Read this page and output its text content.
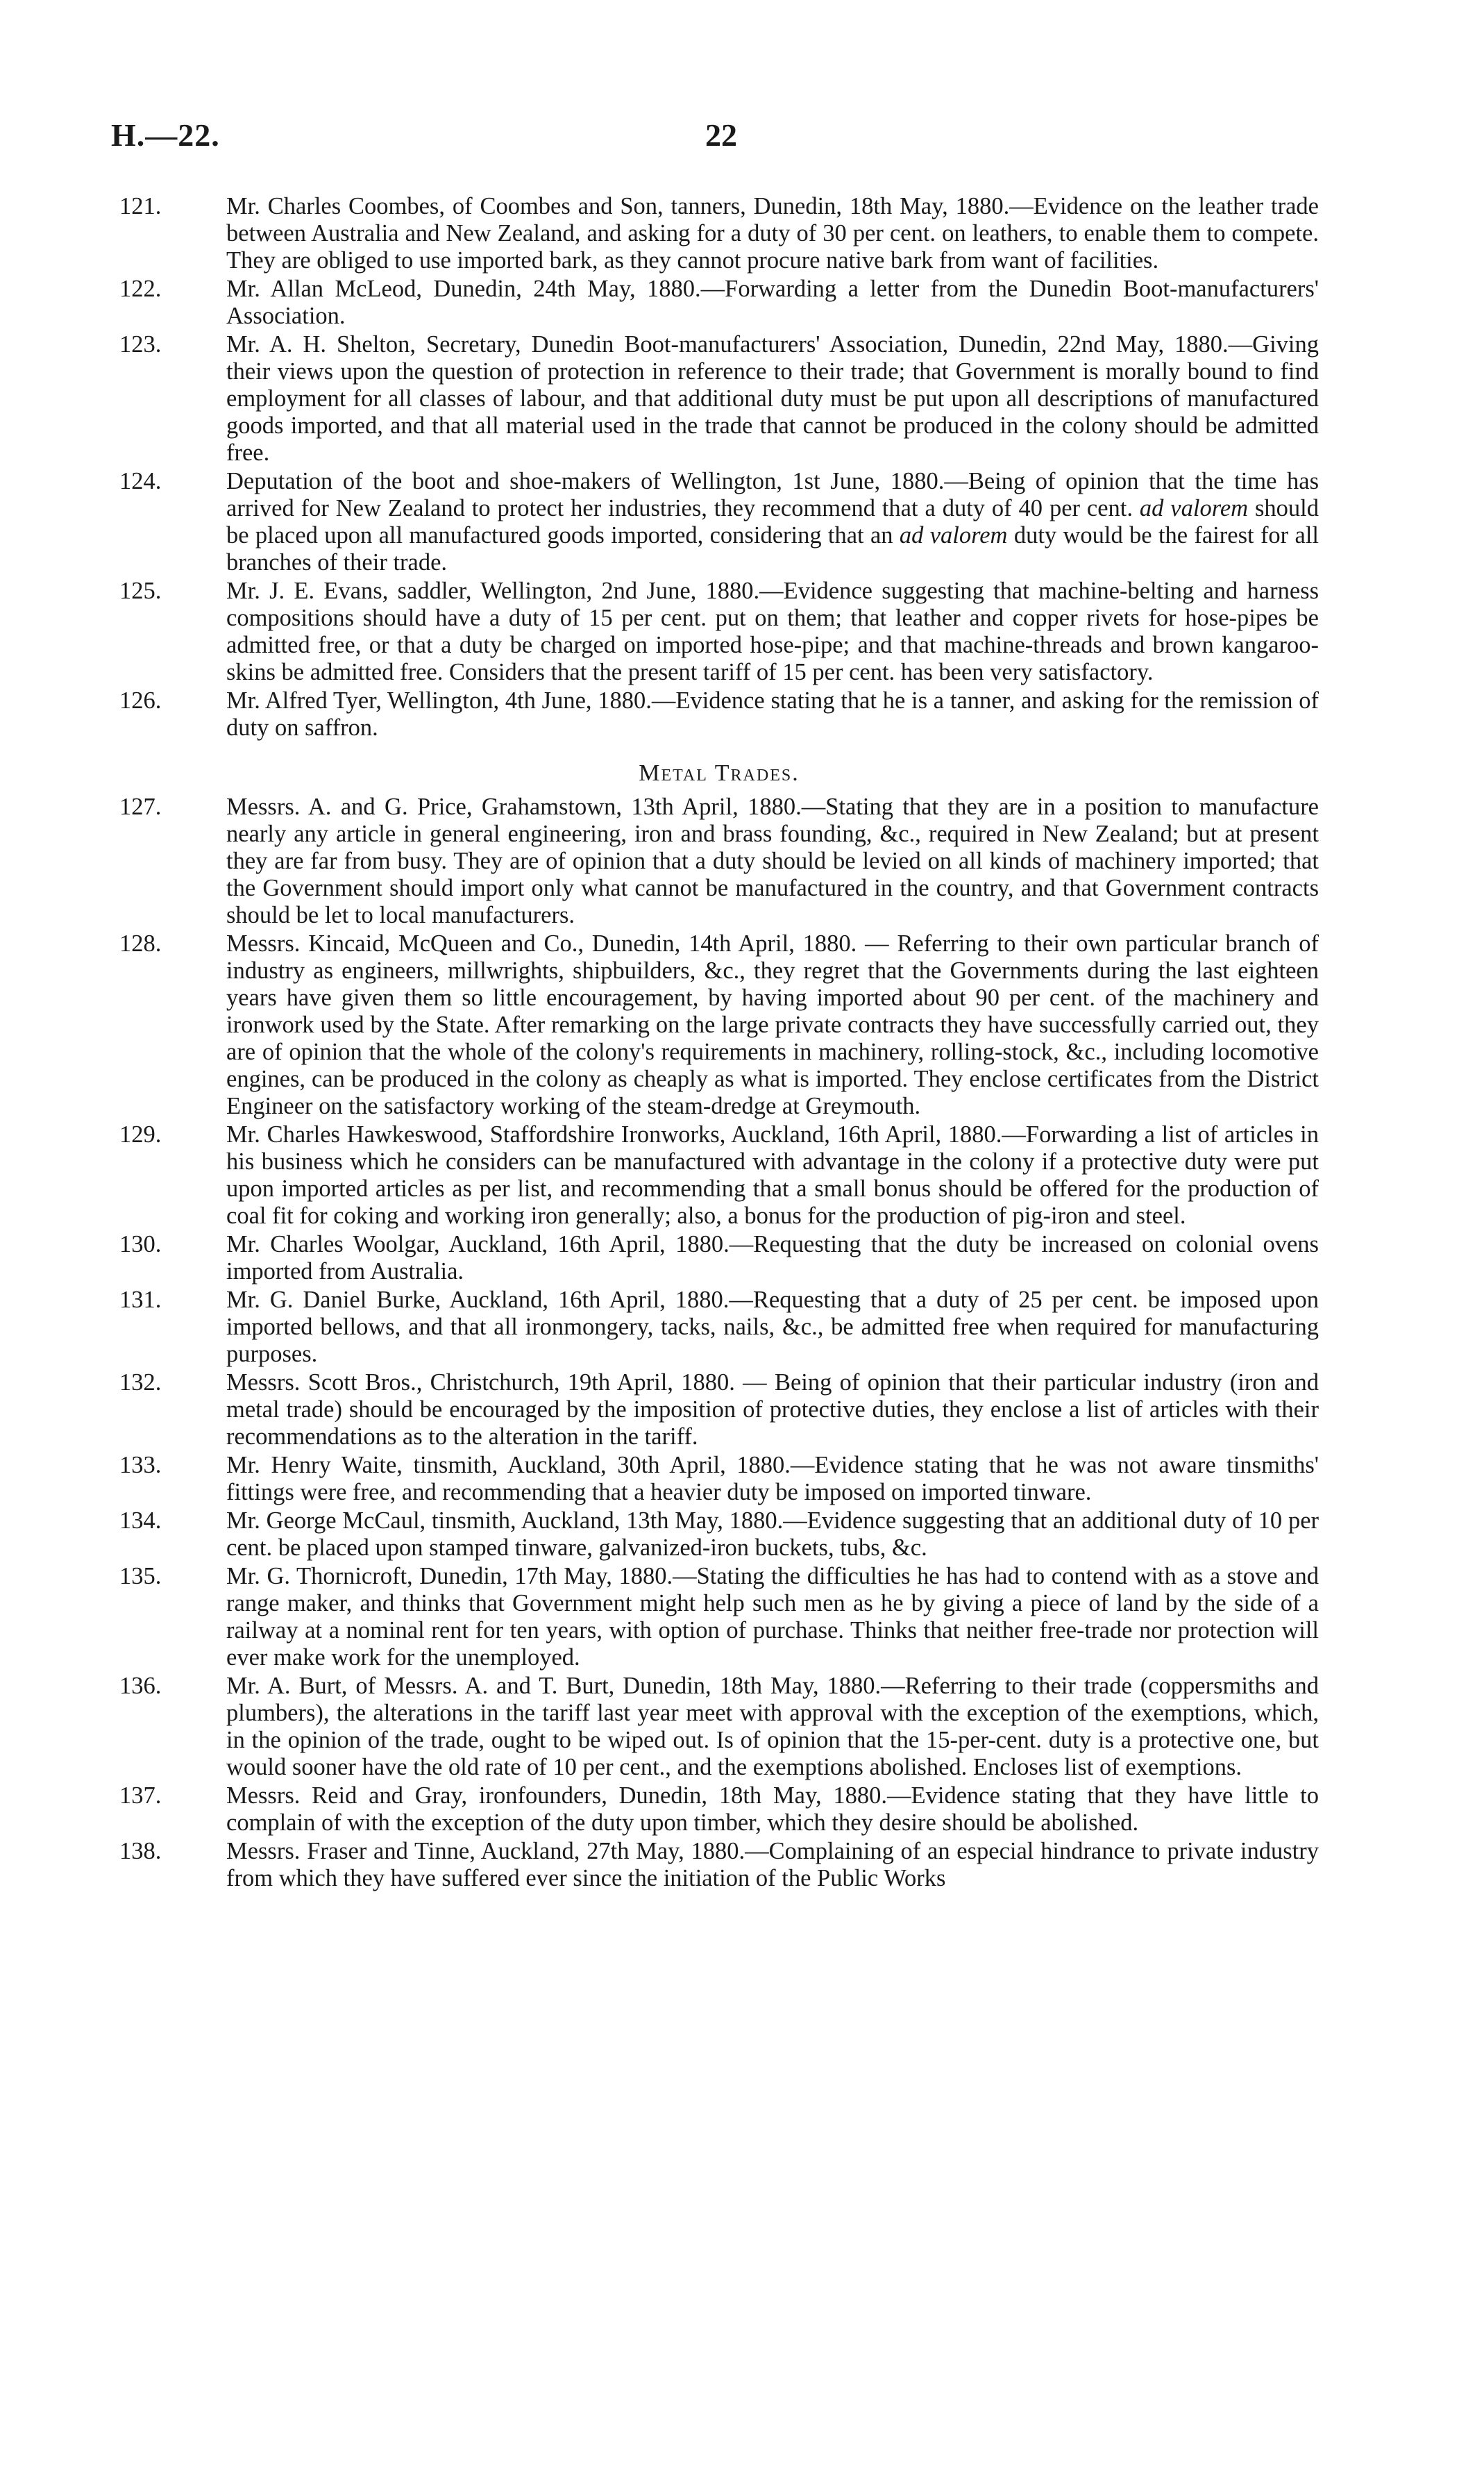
H.—22.	22
121.	Mr. Charles Coombes, of Coombes and Son, tanners, Dunedin, 18th May, 1880.—Evidence on the leather trade between Australia and New Zealand, and asking for a duty of 30 per cent. on leathers, to enable them to compete. They are obliged to use imported bark, as they cannot procure native bark from want of facilities.
122.	Mr. Allan McLeod, Dunedin, 24th May, 1880.—Forwarding a letter from the Dunedin Boot-manufacturers' Association.
123.	Mr. A. H. Shelton, Secretary, Dunedin Boot-manufacturers' Association, Dunedin, 22nd May, 1880.—Giving their views upon the question of protection in reference to their trade; that Government is morally bound to find employment for all classes of labour, and that additional duty must be put upon all descriptions of manufactured goods imported, and that all material used in the trade that cannot be produced in the colony should be admitted free.
124.	Deputation of the boot and shoe-makers of Wellington, 1st June, 1880.—Being of opinion that the time has arrived for New Zealand to protect her industries, they recommend that a duty of 40 per cent. ad valorem should be placed upon all manufactured goods imported, considering that an ad valorem duty would be the fairest for all branches of their trade.
125.	Mr. J. E. Evans, saddler, Wellington, 2nd June, 1880.—Evidence suggesting that machine-belting and harness compositions should have a duty of 15 per cent. put on them; that leather and copper rivets for hose-pipes be admitted free, or that a duty be charged on imported hose-pipe; and that machine-threads and brown kangaroo-skins be admitted free. Considers that the present tariff of 15 per cent. has been very satisfactory.
126.	Mr. Alfred Tyer, Wellington, 4th June, 1880.—Evidence stating that he is a tanner, and asking for the remission of duty on saffron.
Metal Trades.
127.	Messrs. A. and G. Price, Grahamstown, 13th April, 1880.—Stating that they are in a position to manufacture nearly any article in general engineering, iron and brass founding, &c., required in New Zealand; but at present they are far from busy. They are of opinion that a duty should be levied on all kinds of machinery imported; that the Government should import only what cannot be manufactured in the country, and that Government contracts should be let to local manufacturers.
128.	Messrs. Kincaid, McQueen and Co., Dunedin, 14th April, 1880. — Referring to their own particular branch of industry as engineers, millwrights, shipbuilders, &c., they regret that the Governments during the last eighteen years have given them so little encouragement, by having imported about 90 per cent. of the machinery and ironwork used by the State. After remarking on the large private contracts they have successfully carried out, they are of opinion that the whole of the colony's requirements in machinery, rolling-stock, &c., including locomotive engines, can be produced in the colony as cheaply as what is imported. They enclose certificates from the District Engineer on the satisfactory working of the steam-dredge at Greymouth.
129.	Mr. Charles Hawkeswood, Staffordshire Ironworks, Auckland, 16th April, 1880.—Forwarding a list of articles in his business which he considers can be manufactured with advantage in the colony if a protective duty were put upon imported articles as per list, and recommending that a small bonus should be offered for the production of coal fit for coking and working iron generally; also, a bonus for the production of pig-iron and steel.
130.	Mr. Charles Woolgar, Auckland, 16th April, 1880.—Requesting that the duty be increased on colonial ovens imported from Australia.
131.	Mr. G. Daniel Burke, Auckland, 16th April, 1880.—Requesting that a duty of 25 per cent. be imposed upon imported bellows, and that all ironmongery, tacks, nails, &c., be admitted free when required for manufacturing purposes.
132.	Messrs. Scott Bros., Christchurch, 19th April, 1880. — Being of opinion that their particular industry (iron and metal trade) should be encouraged by the imposition of protective duties, they enclose a list of articles with their recommendations as to the alteration in the tariff.
133.	Mr. Henry Waite, tinsmith, Auckland, 30th April, 1880.—Evidence stating that he was not aware tinsmiths' fittings were free, and recommending that a heavier duty be imposed on imported tinware.
134.	Mr. George McCaul, tinsmith, Auckland, 13th May, 1880.—Evidence suggesting that an additional duty of 10 per cent. be placed upon stamped tinware, galvanized-iron buckets, tubs, &c.
135.	Mr. G. Thornicroft, Dunedin, 17th May, 1880.—Stating the difficulties he has had to contend with as a stove and range maker, and thinks that Government might help such men as he by giving a piece of land by the side of a railway at a nominal rent for ten years, with option of purchase. Thinks that neither free-trade nor protection will ever make work for the unemployed.
136.	Mr. A. Burt, of Messrs. A. and T. Burt, Dunedin, 18th May, 1880.—Referring to their trade (coppersmiths and plumbers), the alterations in the tariff last year meet with approval with the exception of the exemptions, which, in the opinion of the trade, ought to be wiped out. Is of opinion that the 15-per-cent. duty is a protective one, but would sooner have the old rate of 10 per cent., and the exemptions abolished. Encloses list of exemptions.
137.	Messrs. Reid and Gray, ironfounders, Dunedin, 18th May, 1880.—Evidence stating that they have little to complain of with the exception of the duty upon timber, which they desire should be abolished.
138.	Messrs. Fraser and Tinne, Auckland, 27th May, 1880.—Complaining of an especial hindrance to private industry from which they have suffered ever since the initiation of the Public Works
